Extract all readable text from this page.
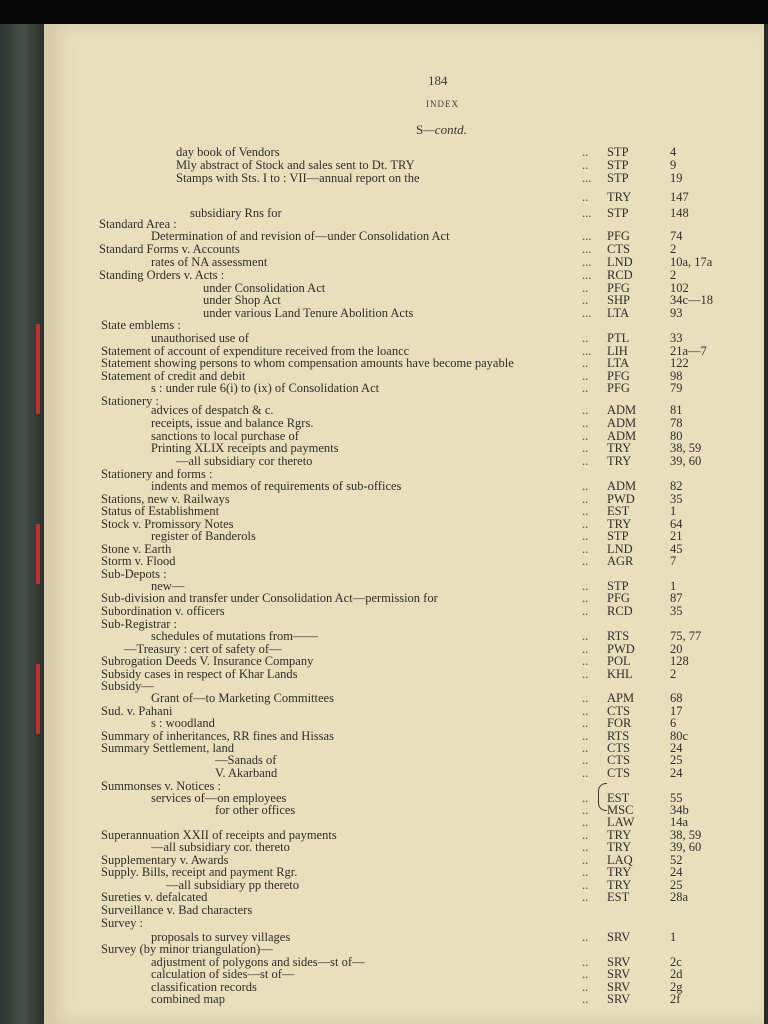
184
INDEX
S—contd.
day book of Vendors	.. STP	4
Mly abstract of Stock and sales sent to Dt. TRY	.. STP	9
Stamps with Sts. I to : VII—annual report on the	... STP	19
.. TRY	147
subsidiary Rns for	... STP	148
Standard Area :
Determination of and revision of—under Consolidation Act	... PFG	74
Standard Forms v. Accounts	... CTS	2
rates of NA assessment	... LND	10a, 17a
Standing Orders v. Acts :	... RCD	2
under Consolidation Act	.. PFG	102
under Shop Act	.. SHP	34c—18
under various Land Tenure Abolition Acts	... LTA	93
State emblems :
unauthorised use of	.. PTL	33
Statement of account of expenditure received from the loancc	... LIH	21a—7
Statement showing persons to whom compensation amounts have become payable	.. LTA	122
Statement of credit and debit	.. PFG	98
s : under rule 6(i) to (ix) of Consolidation Act	.. PFG	79
Stationery :
advices of despatch & c.	.. ADM	81
receipts, issue and balance Rgrs.	.. ADM	78
sanctions to local purchase of	.. ADM	80
Printing XLIX receipts and payments	.. TRY	38, 59
—all subsidiary cor thereto	.. TRY	39, 60
Stationery and forms :
indents and memos of requirements of sub-offices	.. ADM	82
Stations, new v. Railways	.. PWD	35
Status of Establishment	.. EST	1
Stock v. Promissory Notes	.. TRY	64
register of Banderols	.. STP	21
Stone v. Earth	.. LND	45
Storm v. Flood	.. AGR	7
Sub-Depots :
new—	.. STP	1
Sub-division and transfer under Consolidation Act—permission for	.. PFG	87
Subordination v. officers	.. RCD	35
Sub-Registrar :
schedules of mutations from——	.. RTS	75, 77
—Treasury : cert of safety of—	.. PWD	20
Subrogation Deeds V. Insurance Company	.. POL	128
Subsidy cases in respect of Khar Lands	.. KHL	2
Subsidy—
Grant of—to Marketing Committees	.. APM	68
Sud. v. Pahani	.. CTS	17
s : woodland	.. FOR	6
Summary of inheritances, RR fines and Hissas	.. RTS	80c
Summary Settlement, land	.. CTS	24
—Sanads of	.. CTS	25
V. Akarband	.. CTS	24
Summonses v. Notices :
services of—on employees	.. EST	55
for other offices	.. MSC	34b
.. LAW	14a
Superannuation XXII of receipts and payments	.. TRY	38, 59
—all subsidiary cor. thereto	.. TRY	39, 60
Supplementary v. Awards	.. LAQ	52
Supply. Bills, receipt and payment Rgr.	.. TRY	24
—all subsidiary pp thereto	.. TRY	25
Sureties v. defalcated	.. EST	28a
Surveillance v. Bad characters
Survey :
proposals to survey villages	.. SRV	1
Survey (by minor triangulation)—
adjustment of polygons and sides—st of—	.. SRV	2c
calculation of sides—st of—	.. SRV	2d
classification records	.. SRV	2g
combined map	.. SRV	2f
